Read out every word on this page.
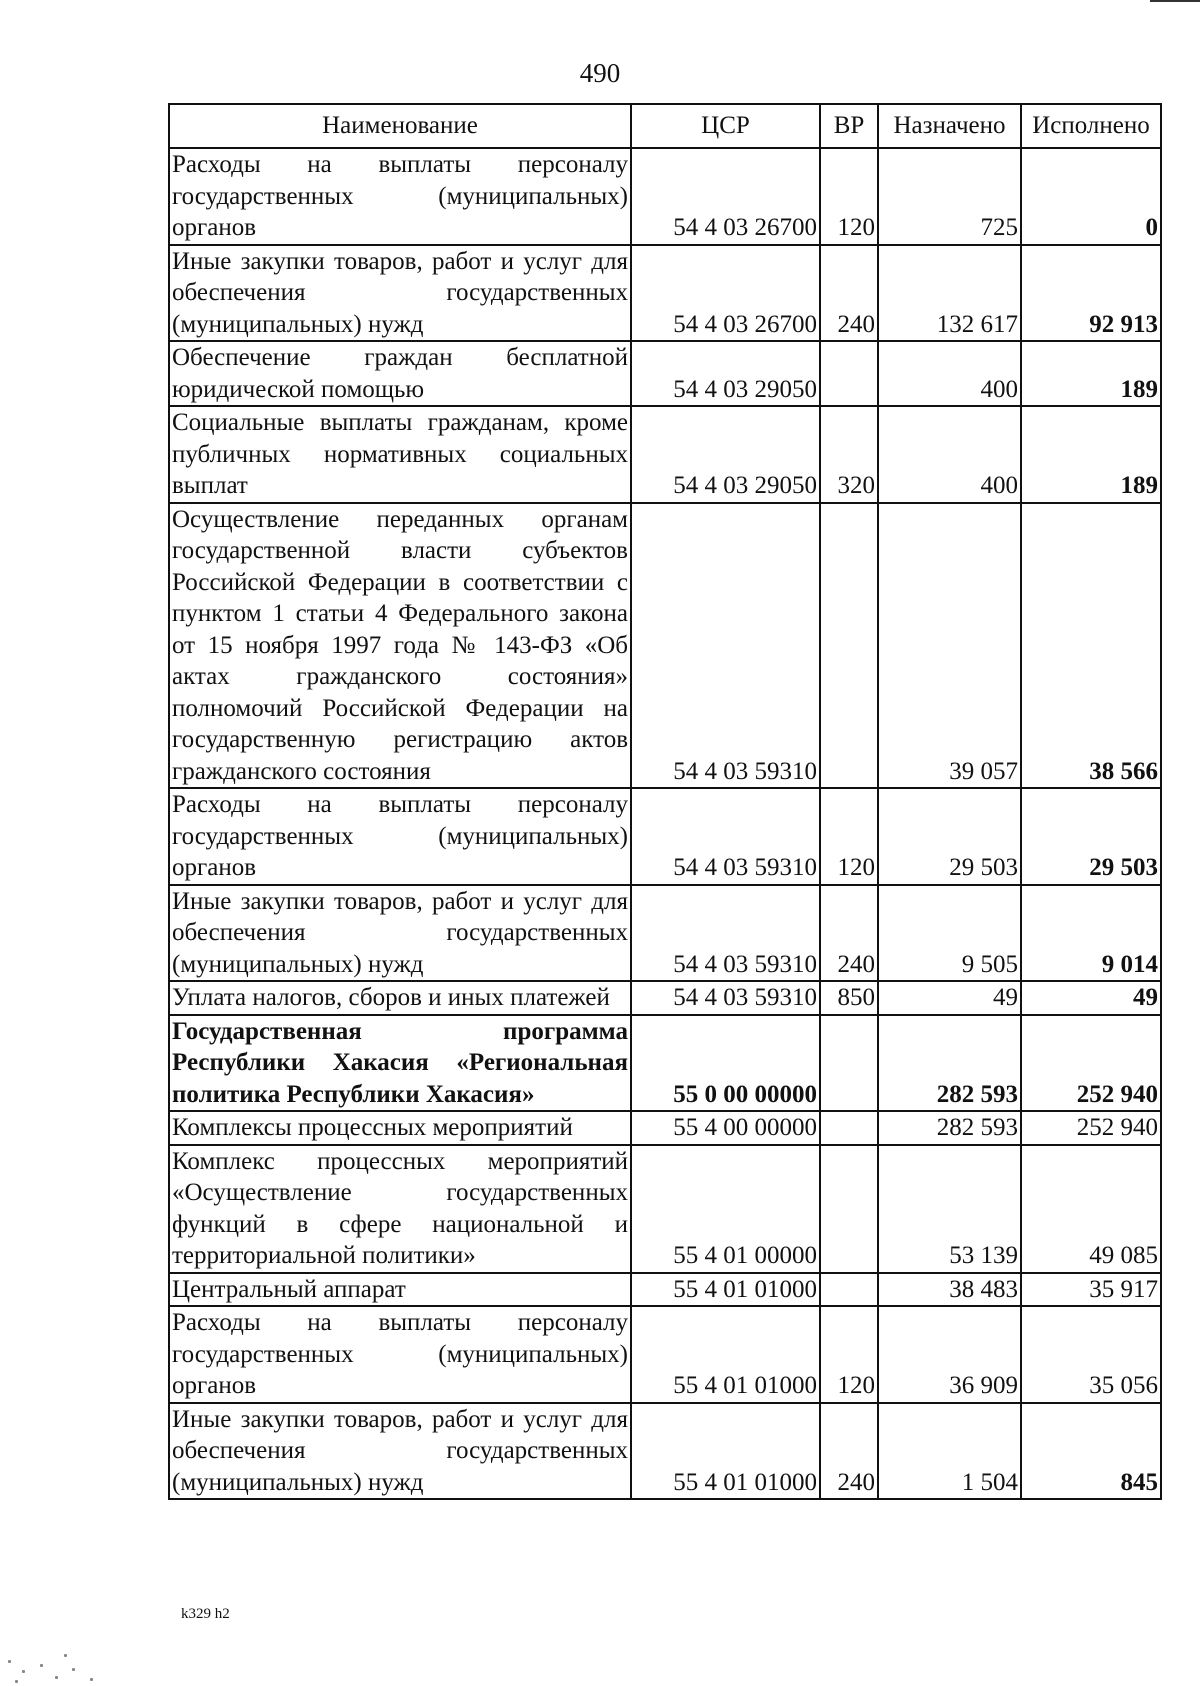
490
Наименование	ЦСР	ВР	Назначено	Исполнено
Расходы на выплаты персоналу государственных (муниципальных) органов	54 4 03 26700	120	725	0
Иные закупки товаров, работ и услуг для обеспечения государственных (муниципальных) нужд	54 4 03 26700	240	132 617	92 913
Обеспечение граждан бесплатной юридической помощью	54 4 03 29050		400	189
Социальные выплаты гражданам, кроме публичных нормативных социальных выплат	54 4 03 29050	320	400	189
Осуществление переданных органам государственной власти субъектов Российской Федерации в соответствии с пунктом 1 статьи 4 Федерального закона от 15 ноября 1997 года № 143-ФЗ «Об актах гражданского состояния» полномочий Российской Федерации на государственную регистрацию актов гражданского состояния	54 4 03 59310		39 057	38 566
Расходы на выплаты персоналу государственных (муниципальных) органов	54 4 03 59310	120	29 503	29 503
Иные закупки товаров, работ и услуг для обеспечения государственных (муниципальных) нужд	54 4 03 59310	240	9 505	9 014
Уплата налогов, сборов и иных платежей	54 4 03 59310	850	49	49
Государственная программа Республики Хакасия «Региональная политика Республики Хакасия»	55 0 00 00000		282 593	252 940
Комплексы процессных мероприятий	55 4 00 00000		282 593	252 940
Комплекс процессных мероприятий «Осуществление государственных функций в сфере национальной и территориальной политики»	55 4 01 00000		53 139	49 085
Центральный аппарат	55 4 01 01000		38 483	35 917
Расходы на выплаты персоналу государственных (муниципальных) органов	55 4 01 01000	120	36 909	35 056
Иные закупки товаров, работ и услуг для обеспечения государственных (муниципальных) нужд	55 4 01 01000	240	1 504	845
k329 h2
